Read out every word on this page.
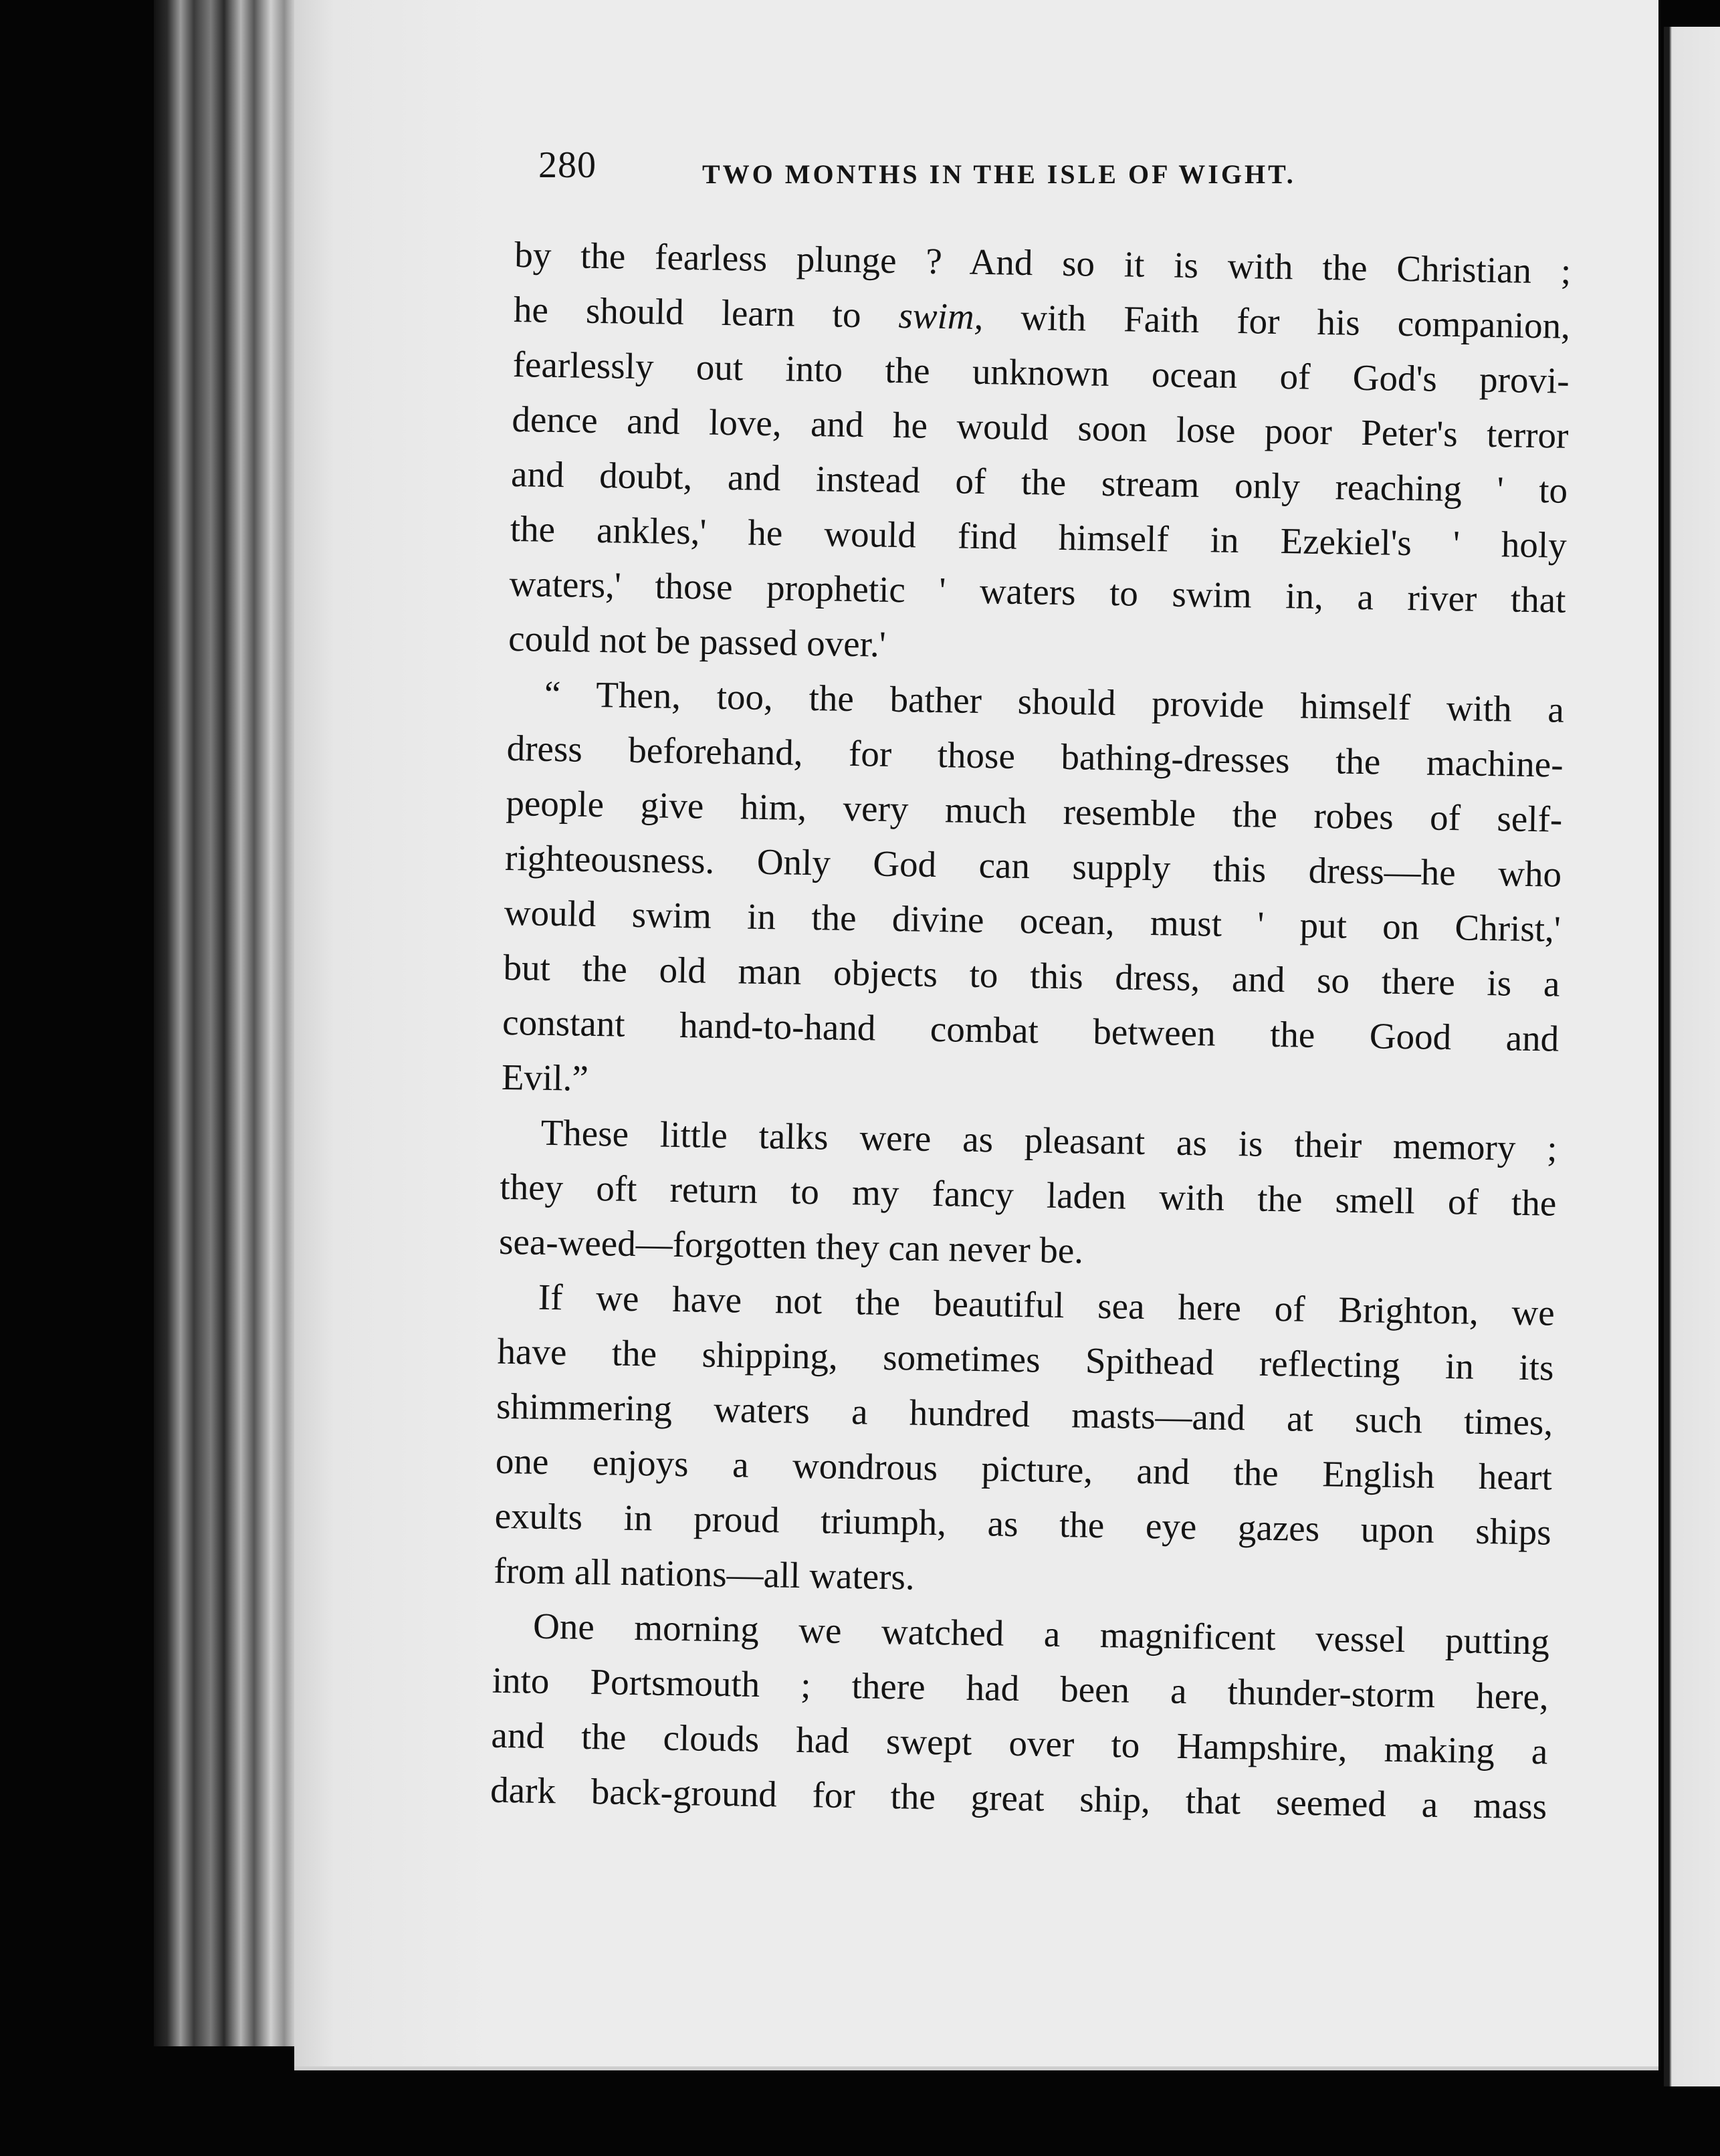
280	TWO MONTHS IN THE ISLE OF WIGHT.

by the fearless plunge ? And so it is with the Christian ;
he should learn to swim, with Faith for his companion,
fearlessly out into the unknown ocean of God's provi-
dence and love, and he would soon lose poor Peter's terror
and doubt, and instead of the stream only reaching ' to
the ankles,' he would find himself in Ezekiel's ' holy
waters,' those prophetic ' waters to swim in, a river that
could not be passed over.'

“ Then, too, the bather should provide himself with a
dress beforehand, for those bathing-dresses the machine-
people give him, very much resemble the robes of self-
righteousness. Only God can supply this dress—he who
would swim in the divine ocean, must ' put on Christ,'
but the old man objects to this dress, and so there is a
constant hand-to-hand combat between the Good and
Evil.”

These little talks were as pleasant as is their memory ;
they oft return to my fancy laden with the smell of the
sea-weed—forgotten they can never be.

If we have not the beautiful sea here of Brighton, we
have the shipping, sometimes Spithead reflecting in its
shimmering waters a hundred masts—and at such times,
one enjoys a wondrous picture, and the English heart
exults in proud triumph, as the eye gazes upon ships
from all nations—all waters.

One morning we watched a magnificent vessel putting
into Portsmouth ; there had been a thunder-storm here,
and the clouds had swept over to Hampshire, making a
dark back-ground for the great ship, that seemed a mass
